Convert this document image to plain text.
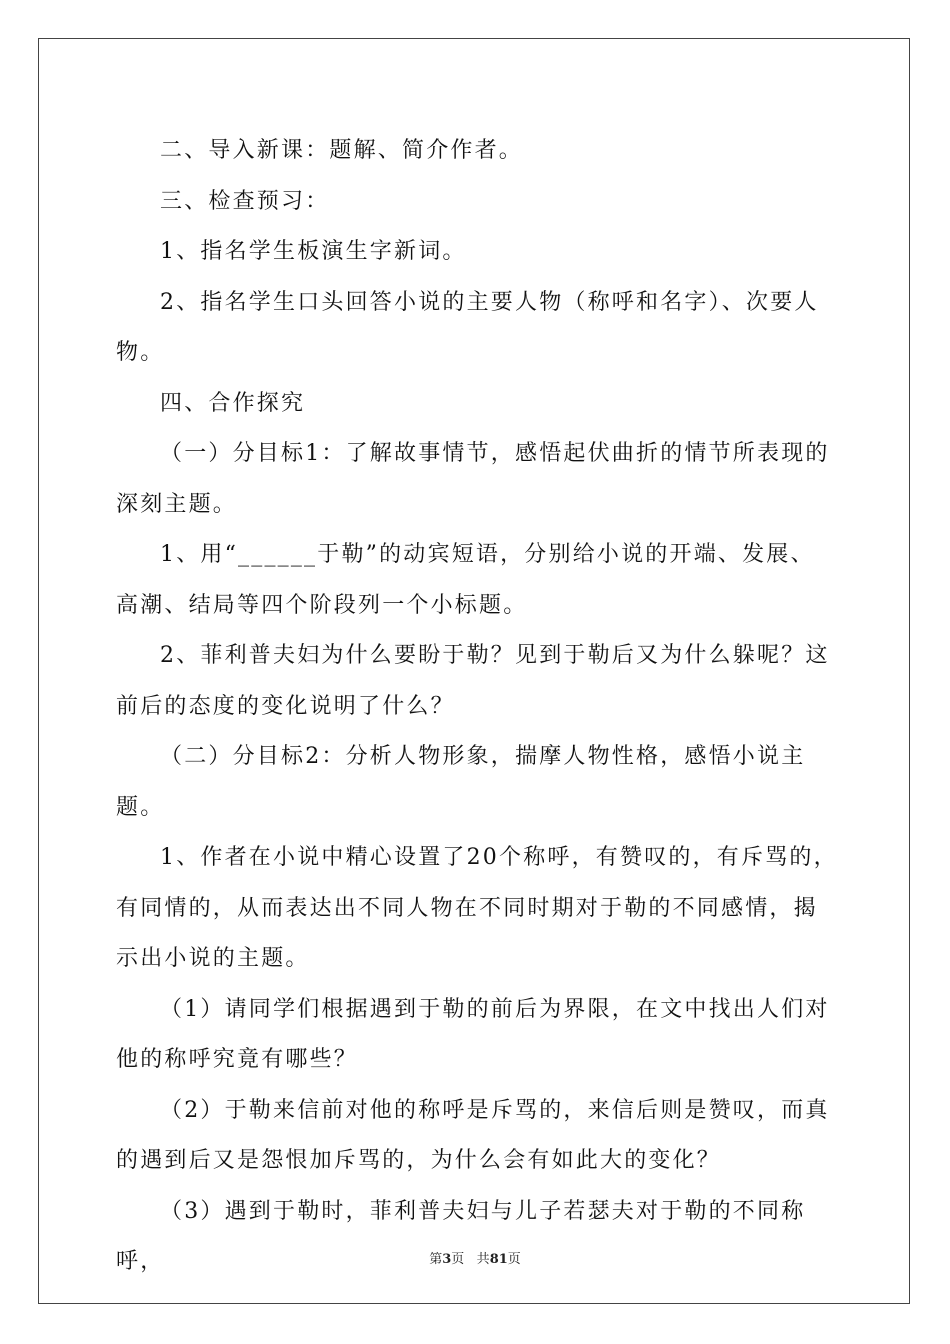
二、导入新课：题解、简介作者。

三、检查预习：

1、指名学生板演生字新词。

2、指名学生口头回答小说的主要人物（称呼和名字）、次要人物。

四、合作探究

（一）分目标1：了解故事情节，感悟起伏曲折的情节所表现的深刻主题。

1、用“______于勒”的动宾短语，分别给小说的开端、发展、高潮、结局等四个阶段列一个小标题。

2、菲利普夫妇为什么要盼于勒？见到于勒后又为什么躲呢？这前后的态度的变化说明了什么？

（二）分目标2：分析人物形象，揣摩人物性格，感悟小说主题。

1、作者在小说中精心设置了20个称呼，有赞叹的，有斥骂的，有同情的，从而表达出不同人物在不同时期对于勒的不同感情，揭示出小说的主题。

（1）请同学们根据遇到于勒的前后为界限，在文中找出人们对他的称呼究竟有哪些？

（2）于勒来信前对他的称呼是斥骂的，来信后则是赞叹，而真的遇到后又是怨恨加斥骂的，为什么会有如此大的变化？

（3）遇到于勒时，菲利普夫妇与儿子若瑟夫对于勒的不同称呼，	第3页 共81页
